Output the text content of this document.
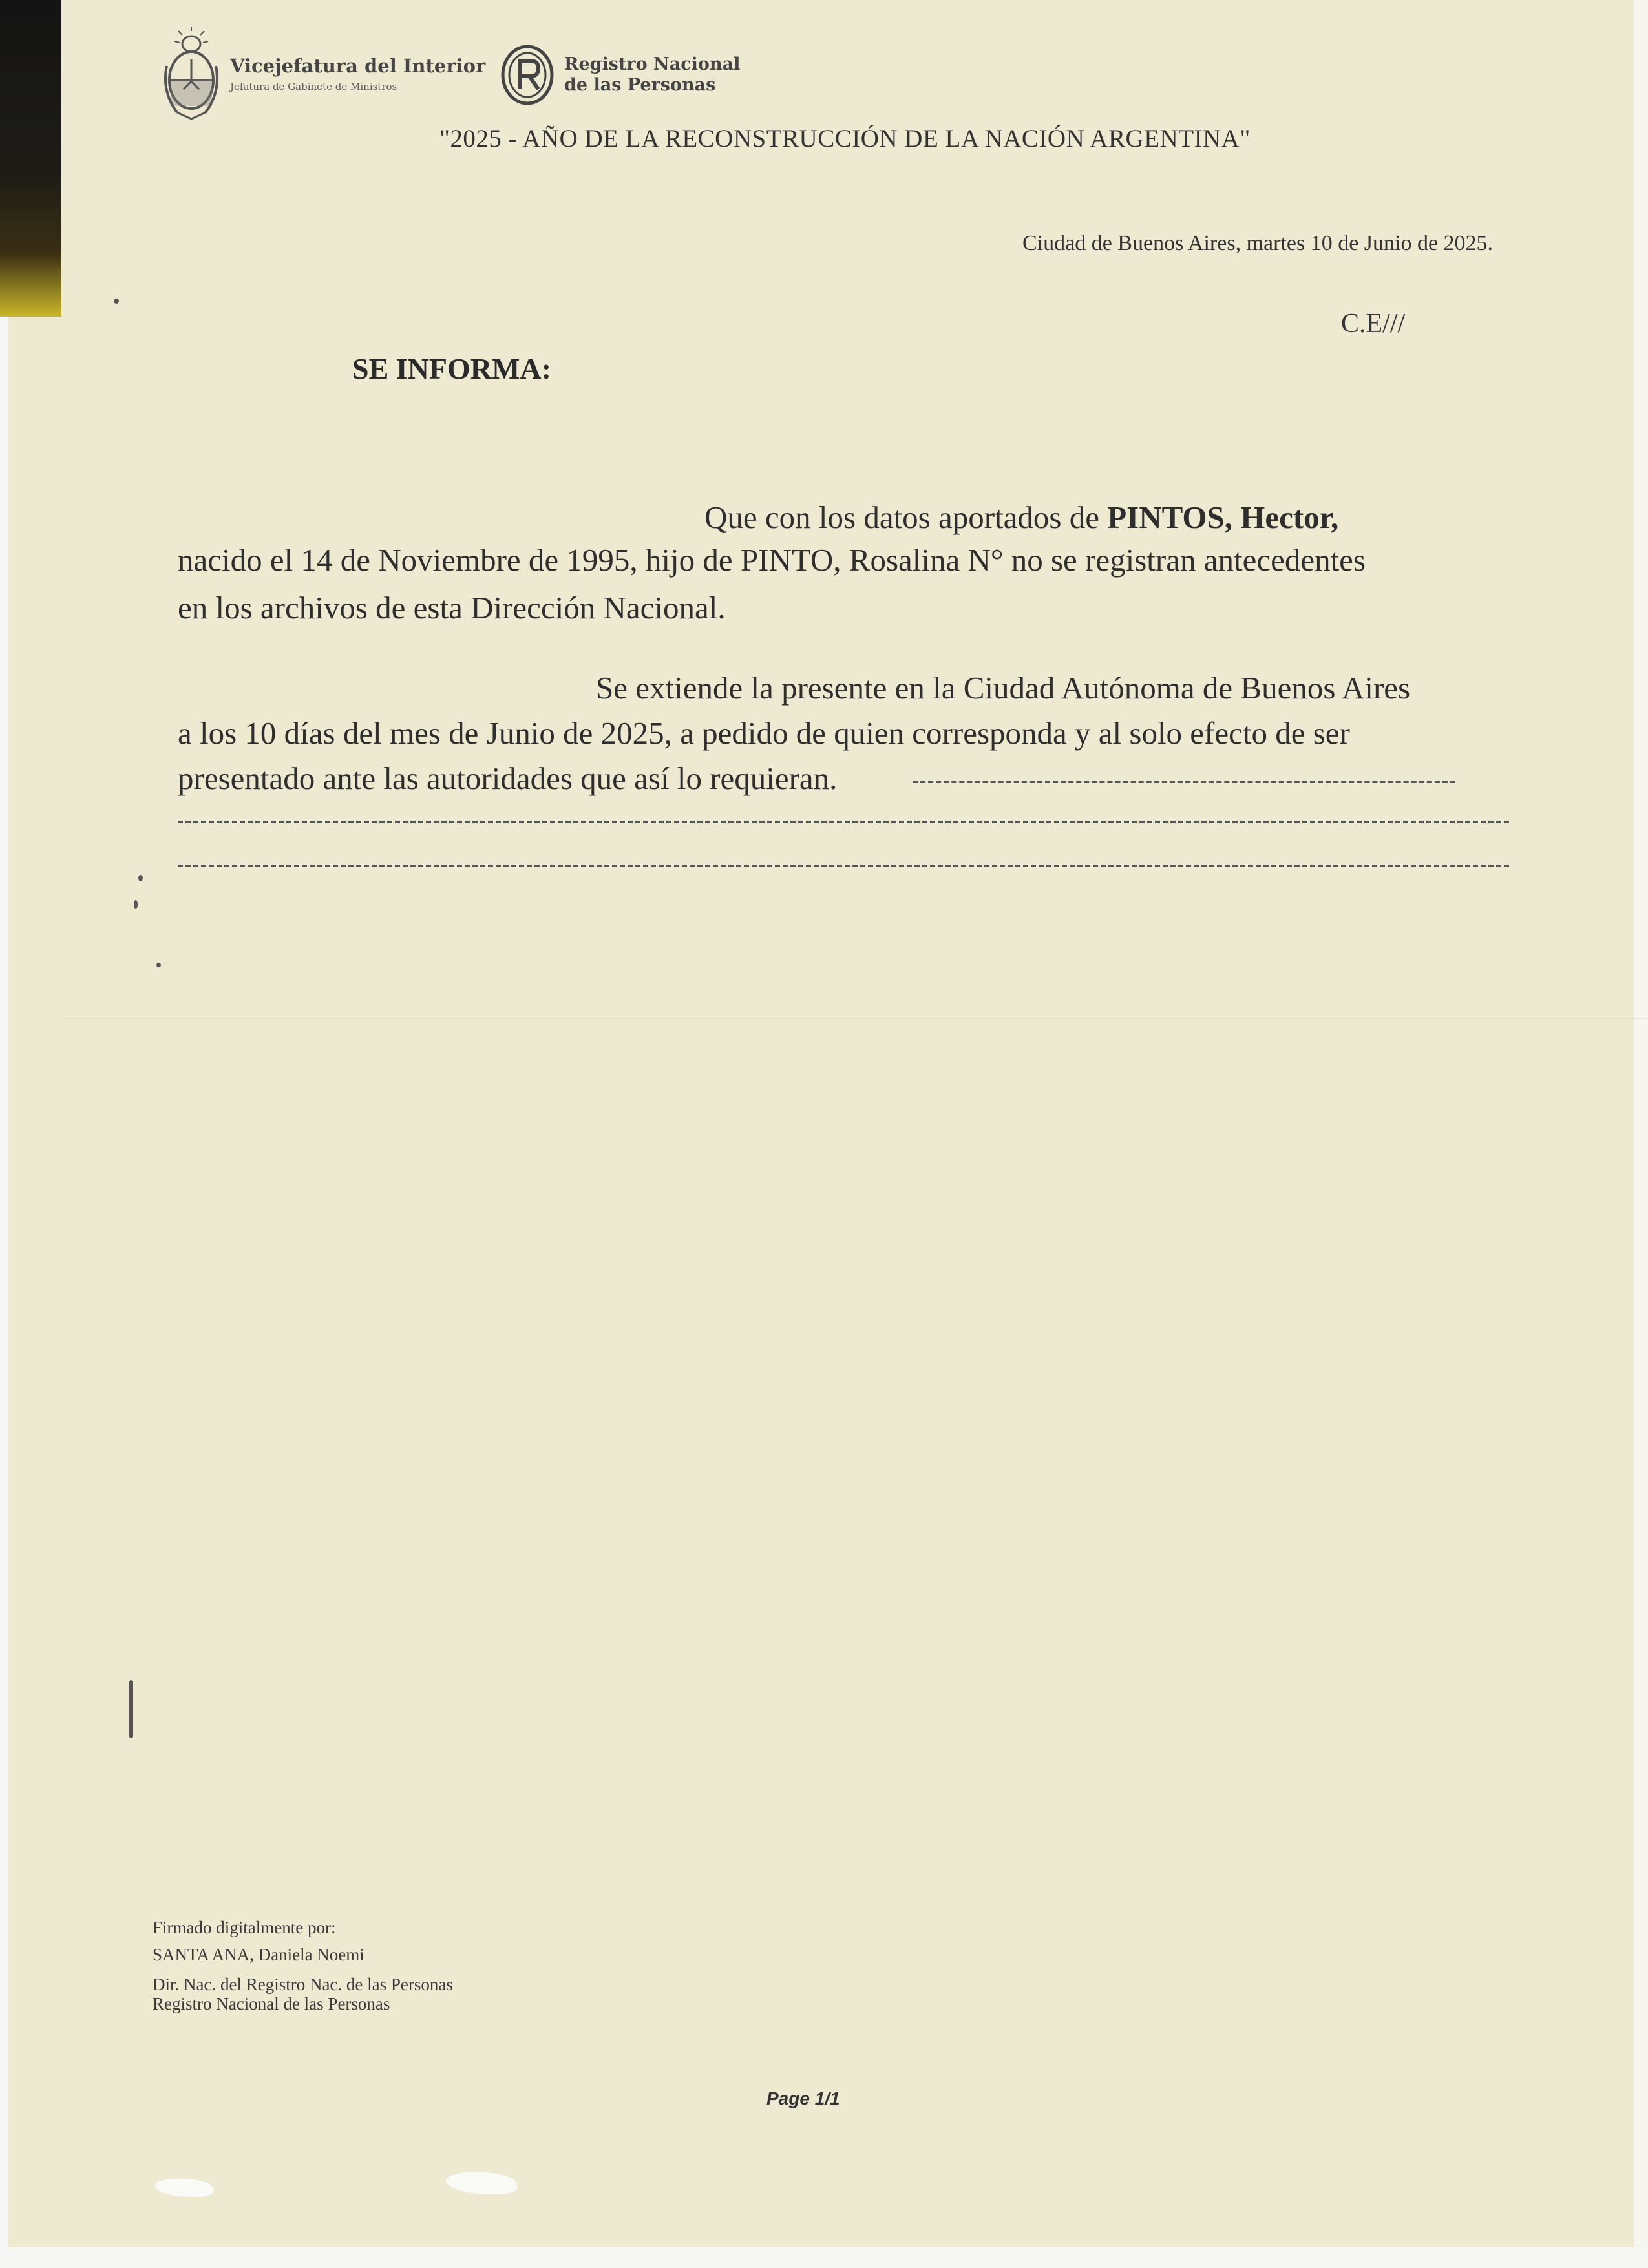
Vicejefatura del Interior
Jefatura de Gabinete de Ministros
Registro Nacional
de las Personas
"2025 - AÑO DE LA RECONSTRUCCIÓN DE LA NACIÓN ARGENTINA"
Ciudad de Buenos Aires, martes 10 de Junio de 2025.
C.E///
SE INFORMA:
Que con los datos aportados de PINTOS, Hector,
nacido el 14 de Noviembre de 1995, hijo de PINTO, Rosalina N° no se registran antecedentes
en los archivos de esta Dirección Nacional.
Se extiende la presente en la Ciudad Autónoma de Buenos Aires
a los 10 días del mes de Junio de 2025, a pedido de quien corresponda y al solo efecto de ser
presentado ante las autoridades que así lo requieran.
Firmado digitalmente por:
SANTA ANA, Daniela Noemi
Dir. Nac. del Registro Nac. de las Personas
Registro Nacional de las Personas
Page 1/1
